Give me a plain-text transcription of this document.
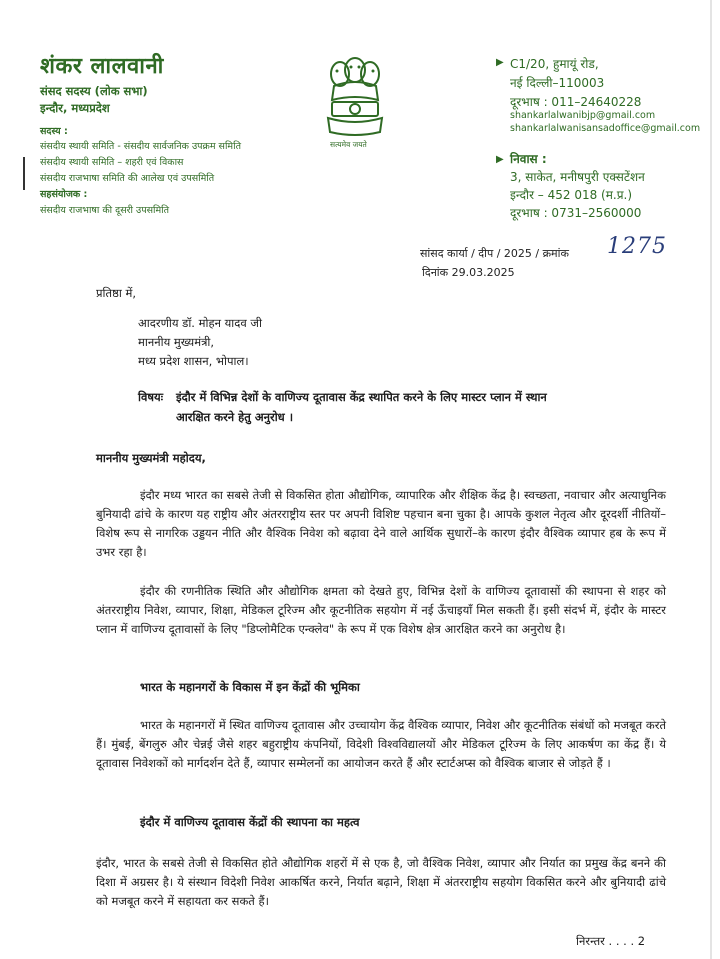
शंकर लालवानी
संसद सदस्य (लोक सभा)
इन्दौर, मध्यप्रदेश
सदस्य :
संसदीय स्थायी समिति - संसदीय सार्वजनिक उपक्रम समिति
संसदीय स्थायी समिति – शहरी एवं विकास
संसदीय राजभाषा समिति की आलेख एवं उपसमिति
सहसंयोजक :
संसदीय राजभाषा की दूसरी उपसमिति
सत्यमेव जयते
▶ C1/20, हुमायूं रोड,
नई दिल्ली–110003
दूरभाष : 011–24640228
shankarlalwanibjp@gmail.com
shankarlalwanisansadoffice@gmail.com
▶ निवास :
3, साकेत, मनीषपुरी एक्सटेंशन
इन्दौर – 452 018 (म.प्र.)
दूरभाष : 0731–2560000
सांसद कार्या / दीप / 2025 / क्रमांक 1275
दिनांक 29.03.2025
प्रतिष्ठा में,
आदरणीय डॉ. मोहन यादव जी
माननीय मुख्यमंत्री,
मध्य प्रदेश शासन, भोपाल।
विषयः इंदौर में विभिन्न देशों के वाणिज्य दूतावास केंद्र स्थापित करने के लिए मास्टर प्लान में स्थान
आरक्षित करने हेतु अनुरोध ।
माननीय मुख्यमंत्री महोदय,
इंदौर मध्य भारत का सबसे तेजी से विकसित होता औद्योगिक, व्यापारिक और शैक्षिक केंद्र है। स्वच्छता, नवाचार और अत्याधुनिक बुनियादी ढांचे के कारण यह राष्ट्रीय और अंतरराष्ट्रीय स्तर पर अपनी विशिष्ट पहचान बना चुका है। आपके कुशल नेतृत्व और दूरदर्शी नीतियों–विशेष रूप से नागरिक उड्डयन नीति और वैश्विक निवेश को बढ़ावा देने वाले आर्थिक सुधारों–के कारण इंदौर वैश्विक व्यापार हब के रूप में उभर रहा है।
इंदौर की रणनीतिक स्थिति और औद्योगिक क्षमता को देखते हुए, विभिन्न देशों के वाणिज्य दूतावासों की स्थापना से शहर को अंतरराष्ट्रीय निवेश, व्यापार, शिक्षा, मेडिकल टूरिज्म और कूटनीतिक सहयोग में नई ऊँचाइयाँ मिल सकती हैं। इसी संदर्भ में, इंदौर के मास्टर प्लान में वाणिज्य दूतावासों के लिए "डिप्लोमैटिक एन्क्लेव" के रूप में एक विशेष क्षेत्र आरक्षित करने का अनुरोध है।
भारत के महानगरों के विकास में इन केंद्रों की भूमिका
भारत के महानगरों में स्थित वाणिज्य दूतावास और उच्चायोग केंद्र वैश्विक व्यापार, निवेश और कूटनीतिक संबंधों को मजबूत करते हैं। मुंबई, बेंगलुरु और चेन्नई जैसे शहर बहुराष्ट्रीय कंपनियों, विदेशी विश्वविद्यालयों और मेडिकल टूरिज्म के लिए आकर्षण का केंद्र हैं। ये दूतावास निवेशकों को मार्गदर्शन देते हैं, व्यापार सम्मेलनों का आयोजन करते हैं और स्टार्टअप्स को वैश्विक बाजार से जोड़ते हैं ।
इंदौर में वाणिज्य दूतावास केंद्रों की स्थापना का महत्व
इंदौर, भारत के सबसे तेजी से विकसित होते औद्योगिक शहरों में से एक है, जो वैश्विक निवेश, व्यापार और निर्यात का प्रमुख केंद्र बनने की दिशा में अग्रसर है। ये संस्थान विदेशी निवेश आकर्षित करने, निर्यात बढ़ाने, शिक्षा में अंतरराष्ट्रीय सहयोग विकसित करने और बुनियादी ढांचे को मजबूत करने में सहायता कर सकते हैं।
निरन्तर . . . . 2
